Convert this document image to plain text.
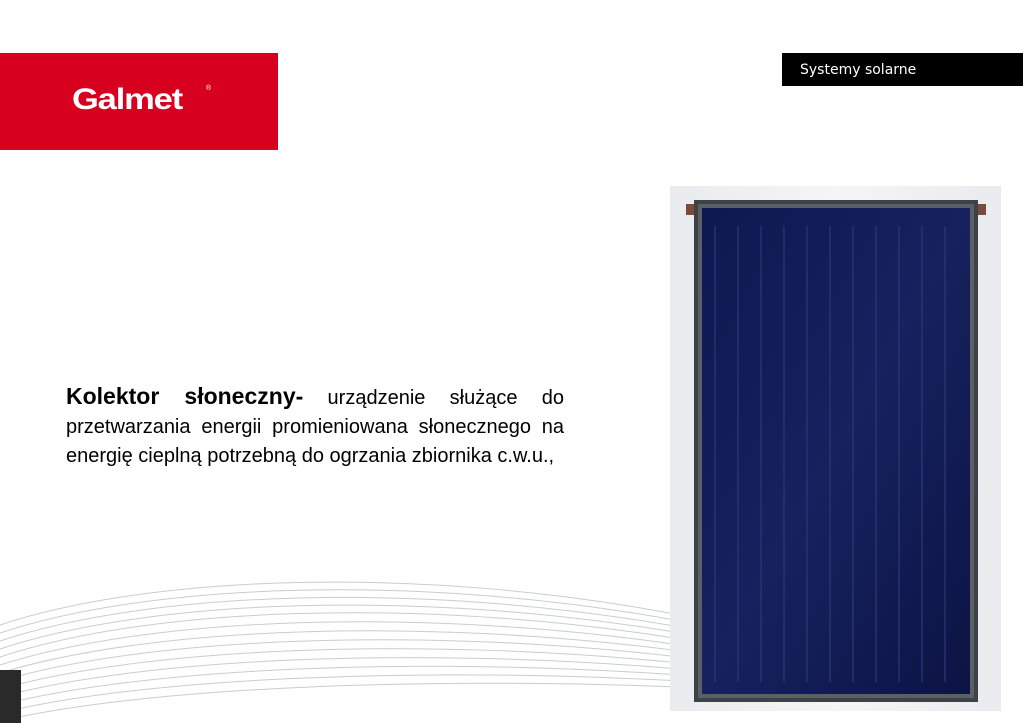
Galmet	®
Systemy solarne
Kolektor słoneczny- urządzenie służące do przetwarzania energii promieniowana słonecznego na energię cieplną potrzebną do ogrzania zbiornika c.w.u.,
